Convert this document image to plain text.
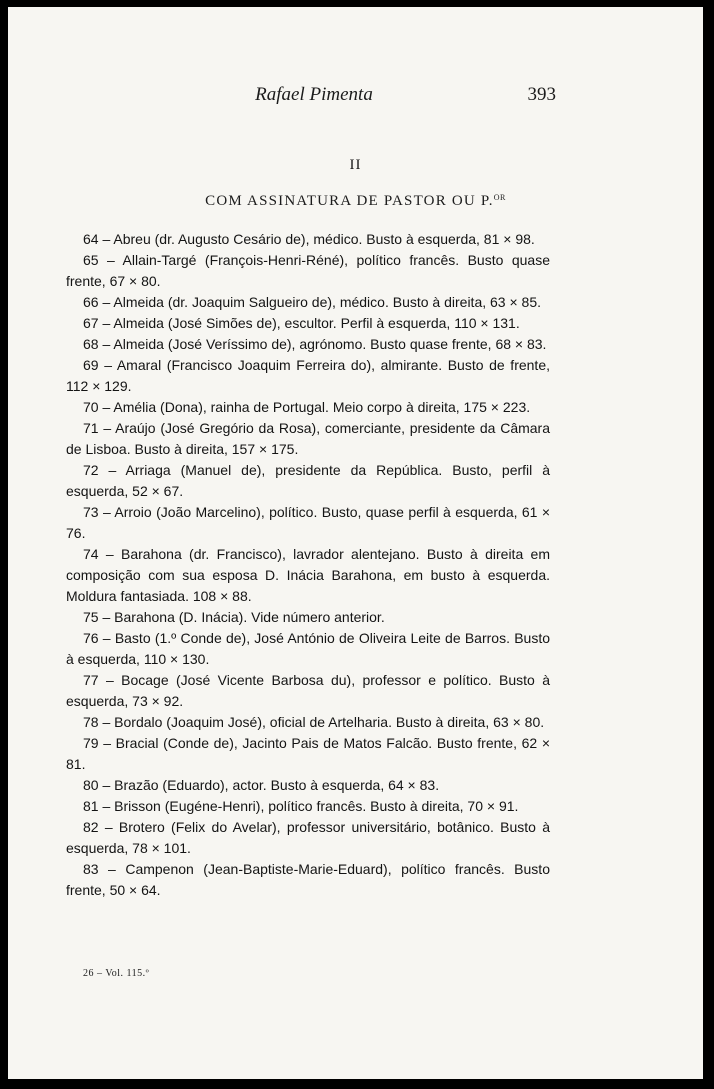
Rafael Pimenta	393
II
COM ASSINATURA DE PASTOR OU P.$^{OR}$

64 – Abreu (dr. Augusto Cesário de), médico. Busto à esquerda, 81 × 98.

65 – Allain-Targé (François-Henri-Réné), político francês. Busto quase frente, 67 × 80.

66 – Almeida (dr. Joaquim Salgueiro de), médico. Busto à direita, 63 × 85.

67 – Almeida (José Simões de), escultor. Perfil à esquerda, 110 × 131.

68 – Almeida (José Veríssimo de), agrónomo. Busto quase frente, 68 × 83.

69 – Amaral (Francisco Joaquim Ferreira do), almirante. Busto de frente, 112 × 129.

70 – Amélia (Dona), rainha de Portugal. Meio corpo à direita, 175 × 223.

71 – Araújo (José Gregório da Rosa), comerciante, presidente da Câmara de Lisboa. Busto à direita, 157 × 175.

72 – Arriaga (Manuel de), presidente da República. Busto, perfil à esquerda, 52 × 67.

73 – Arroio (João Marcelino), político. Busto, quase perfil à esquerda, 61 × 76.

74 – Barahona (dr. Francisco), lavrador alentejano. Busto à direita em composição com sua esposa D. Inácia Barahona, em busto à esquerda. Moldura fantasiada. 108 × 88.

75 – Barahona (D. Inácia). Vide número anterior.

76 – Basto (1.º Conde de), José António de Oliveira Leite de Barros. Busto à esquerda, 110 × 130.

77 – Bocage (José Vicente Barbosa du), professor e político. Busto à esquerda, 73 × 92.

78 – Bordalo (Joaquim José), oficial de Artelharia. Busto à direita, 63 × 80.

79 – Bracial (Conde de), Jacinto Pais de Matos Falcão. Busto frente, 62 × 81.

80 – Brazão (Eduardo), actor. Busto à esquerda, 64 × 83.

81 – Brisson (Eugéne-Henri), político francês. Busto à direita, 70 × 91.

82 – Brotero (Felix do Avelar), professor universitário, botânico. Busto à esquerda, 78 × 101.

83 – Campenon (Jean-Baptiste-Marie-Eduard), político francês. Busto frente, 50 × 64.

26 – Vol. 115.º
